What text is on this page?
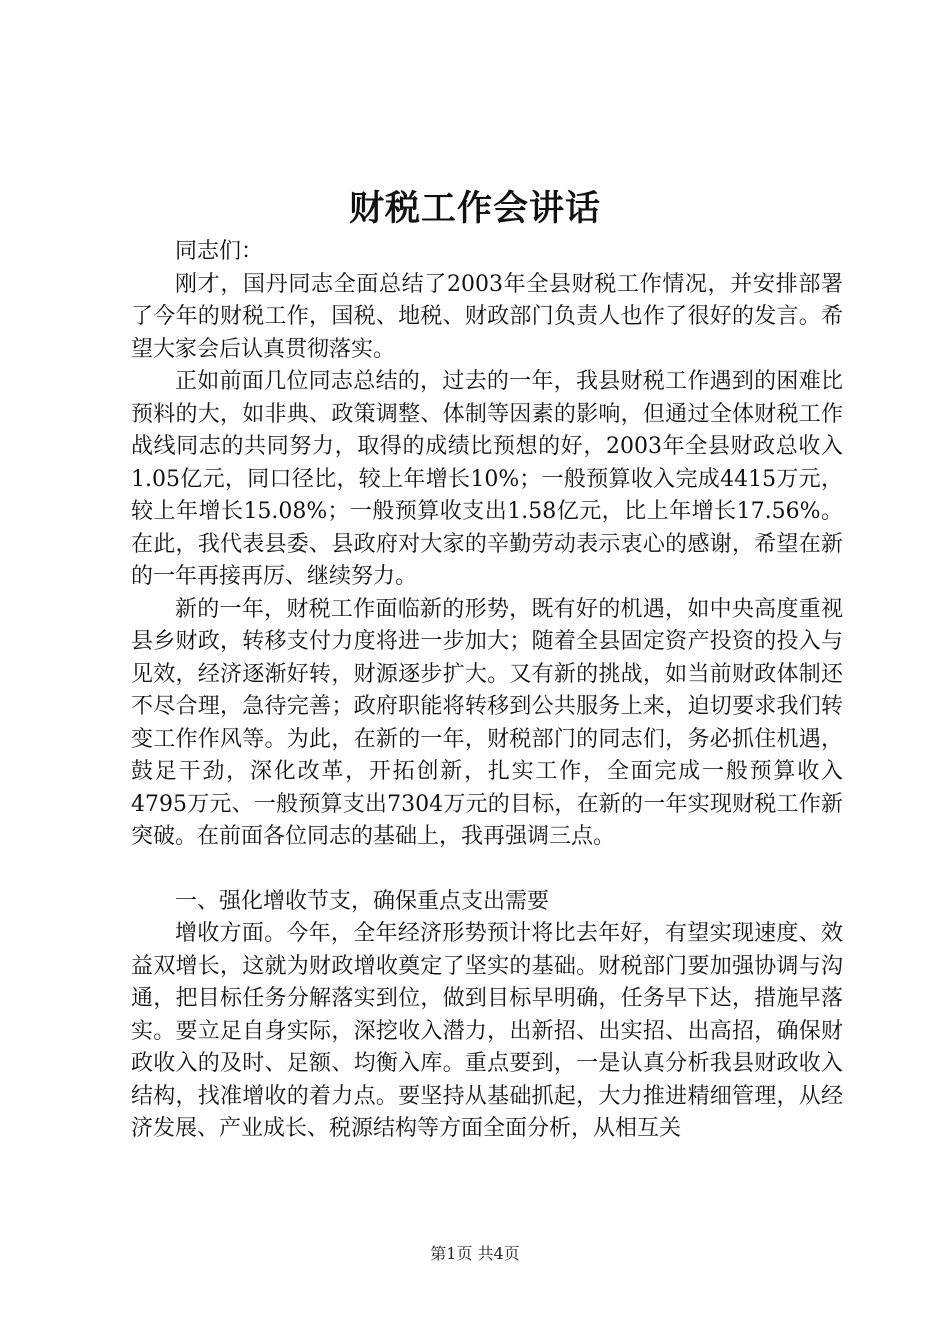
财税工作会讲话

同志们：

刚才，国丹同志全面总结了2003年全县财税工作情况，并安排部署了今年的财税工作，国税、地税、财政部门负责人也作了很好的发言。希望大家会后认真贯彻落实。

正如前面几位同志总结的，过去的一年，我县财税工作遇到的困难比预料的大，如非典、政策调整、体制等因素的影响，但通过全体财税工作战线同志的共同努力，取得的成绩比预想的好，2003年全县财政总收入1.05亿元，同口径比，较上年增长10%；一般预算收入完成4415万元，较上年增长15.08%；一般预算收支出1.58亿元，比上年增长17.56%。在此，我代表县委、县政府对大家的辛勤劳动表示衷心的感谢，希望在新的一年再接再厉、继续努力。

新的一年，财税工作面临新的形势，既有好的机遇，如中央高度重视县乡财政，转移支付力度将进一步加大；随着全县固定资产投资的投入与见效，经济逐渐好转，财源逐步扩大。又有新的挑战，如当前财政体制还不尽合理，急待完善；政府职能将转移到公共服务上来，迫切要求我们转变工作作风等。为此，在新的一年，财税部门的同志们，务必抓住机遇，鼓足干劲，深化改革，开拓创新，扎实工作，全面完成一般预算收入4795万元、一般预算支出7304万元的目标，在新的一年实现财税工作新突破。在前面各位同志的基础上，我再强调三点。

一、强化增收节支，确保重点支出需要

增收方面。今年，全年经济形势预计将比去年好，有望实现速度、效益双增长，这就为财政增收奠定了坚实的基础。财税部门要加强协调与沟通，把目标任务分解落实到位，做到目标早明确，任务早下达，措施早落实。要立足自身实际，深挖收入潜力，出新招、出实招、出高招，确保财政收入的及时、足额、均衡入库。重点要到，一是认真分析我县财政收入结构，找准增收的着力点。要坚持从基础抓起，大力推进精细管理，从经济发展、产业成长、税源结构等方面全面分析，从相互关

第1页 共4页
